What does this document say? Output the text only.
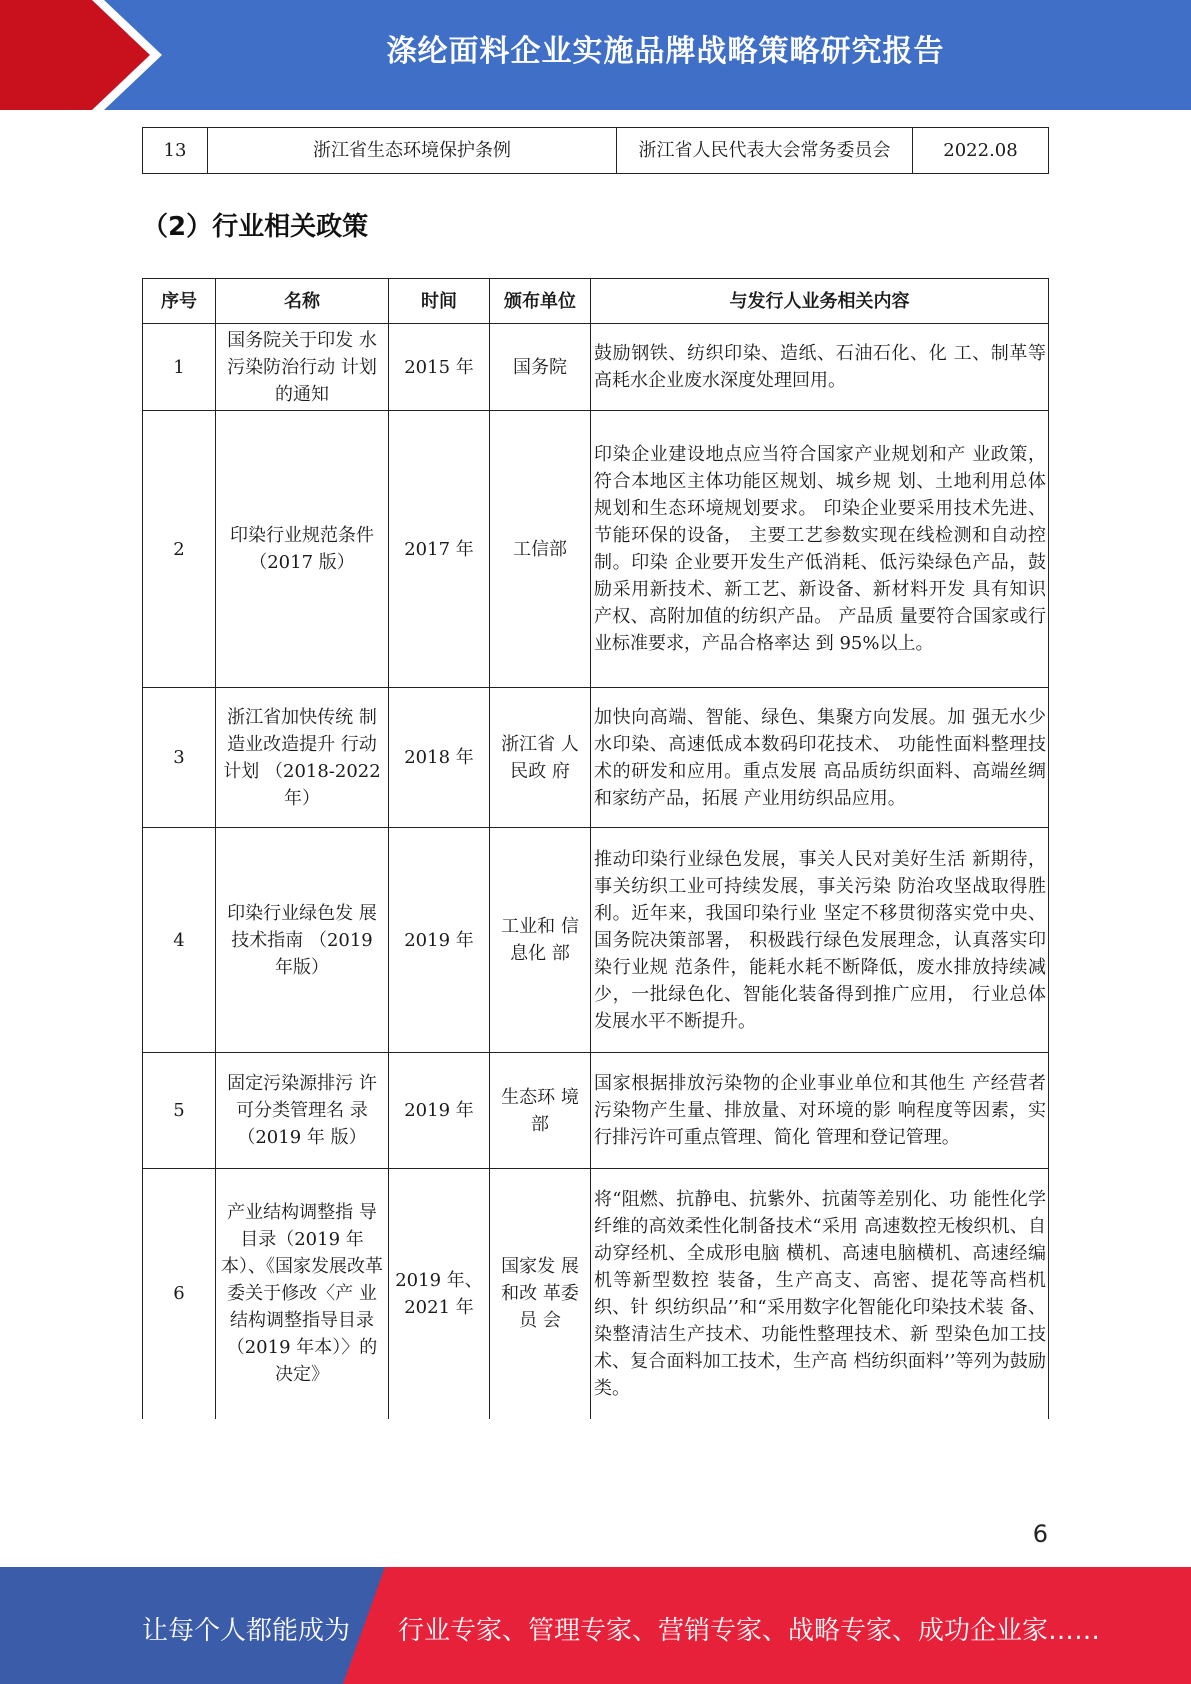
涤纶面料企业实施品牌战略策略研究报告
13	浙江省生态环境保护条例	浙江省人民代表大会常务委员会	2022.08
（2）行业相关政策
序号	名称	时间	颁布单位	与发行人业务相关内容
1	国务院关于印发 水污染防治行动 计划的通知	2015 年	国务院	鼓励钢铁、纺织印染、造纸、石油石化、化 工、制革等高耗水企业废水深度处理回用。
2	印染行业规范条件（2017 版）	2017 年	工信部	印染企业建设地点应当符合国家产业规划和产 业政策，符合本地区主体功能区规划、城乡规 划、土地利用总体规划和生态环境规划要求。 印染企业要采用技术先进、节能环保的设备， 主要工艺参数实现在线检测和自动控制。印染 企业要开发生产低消耗、低污染绿色产品，鼓 励采用新技术、新工艺、新设备、新材料开发 具有知识产权、高附加值的纺织产品。 产品质 量要符合国家或行业标准要求，产品合格率达 到 95%以上。
3	浙江省加快传统 制造业改造提升 行动计划 （2018-2022 年）	2018 年	浙江省 人民政 府	加快向高端、智能、绿色、集聚方向发展。加 强无水少水印染、高速低成本数码印花技术、 功能性面料整理技术的研发和应用。重点发展 高品质纺织面料、高端丝绸和家纺产品，拓展 产业用纺织品应用。
4	印染行业绿色发 展技术指南 （2019 年版）	2019 年	工业和 信息化 部	推动印染行业绿色发展，事关人民对美好生活 新期待，事关纺织工业可持续发展，事关污染 防治攻坚战取得胜利。近年来，我国印染行业 坚定不移贯彻落实党中央、国务院决策部署， 积极践行绿色发展理念，认真落实印染行业规 范条件，能耗水耗不断降低，废水排放持续减 少，一批绿色化、智能化装备得到推广应用， 行业总体发展水平不断提升。
5	固定污染源排污 许可分类管理名 录（2019 年 版）	2019 年	生态环 境部	国家根据排放污染物的企业事业单位和其他生 产经营者污染物产生量、排放量、对环境的影 响程度等因素，实行排污许可重点管理、简化 管理和登记管理。
6	产业结构调整指 导目录（2019 年本）、《国家发展改革 委关于修改〈产 业结构调整指导目录（2019 年本）〉的决定》	2019 年、2021 年	国家发 展和改 革委员 会	将“阻燃、抗静电、抗紫外、抗菌等差别化、功 能性化学纤维的高效柔性化制备技术“采用 高速数控无梭织机、自动穿经机、全成形电脑 横机、高速电脑横机、高速经编机等新型数控 装备，生产高支、高密、提花等高档机织、针 织纺织品’’和“采用数字化智能化印染技术装 备、染整清洁生产技术、功能性整理技术、新 型染色加工技术、复合面料加工技术，生产高 档纺织面料’’等列为鼓励类。
6
让每个人都能成为 行业专家、管理专家、营销专家、战略专家、成功企业家……
